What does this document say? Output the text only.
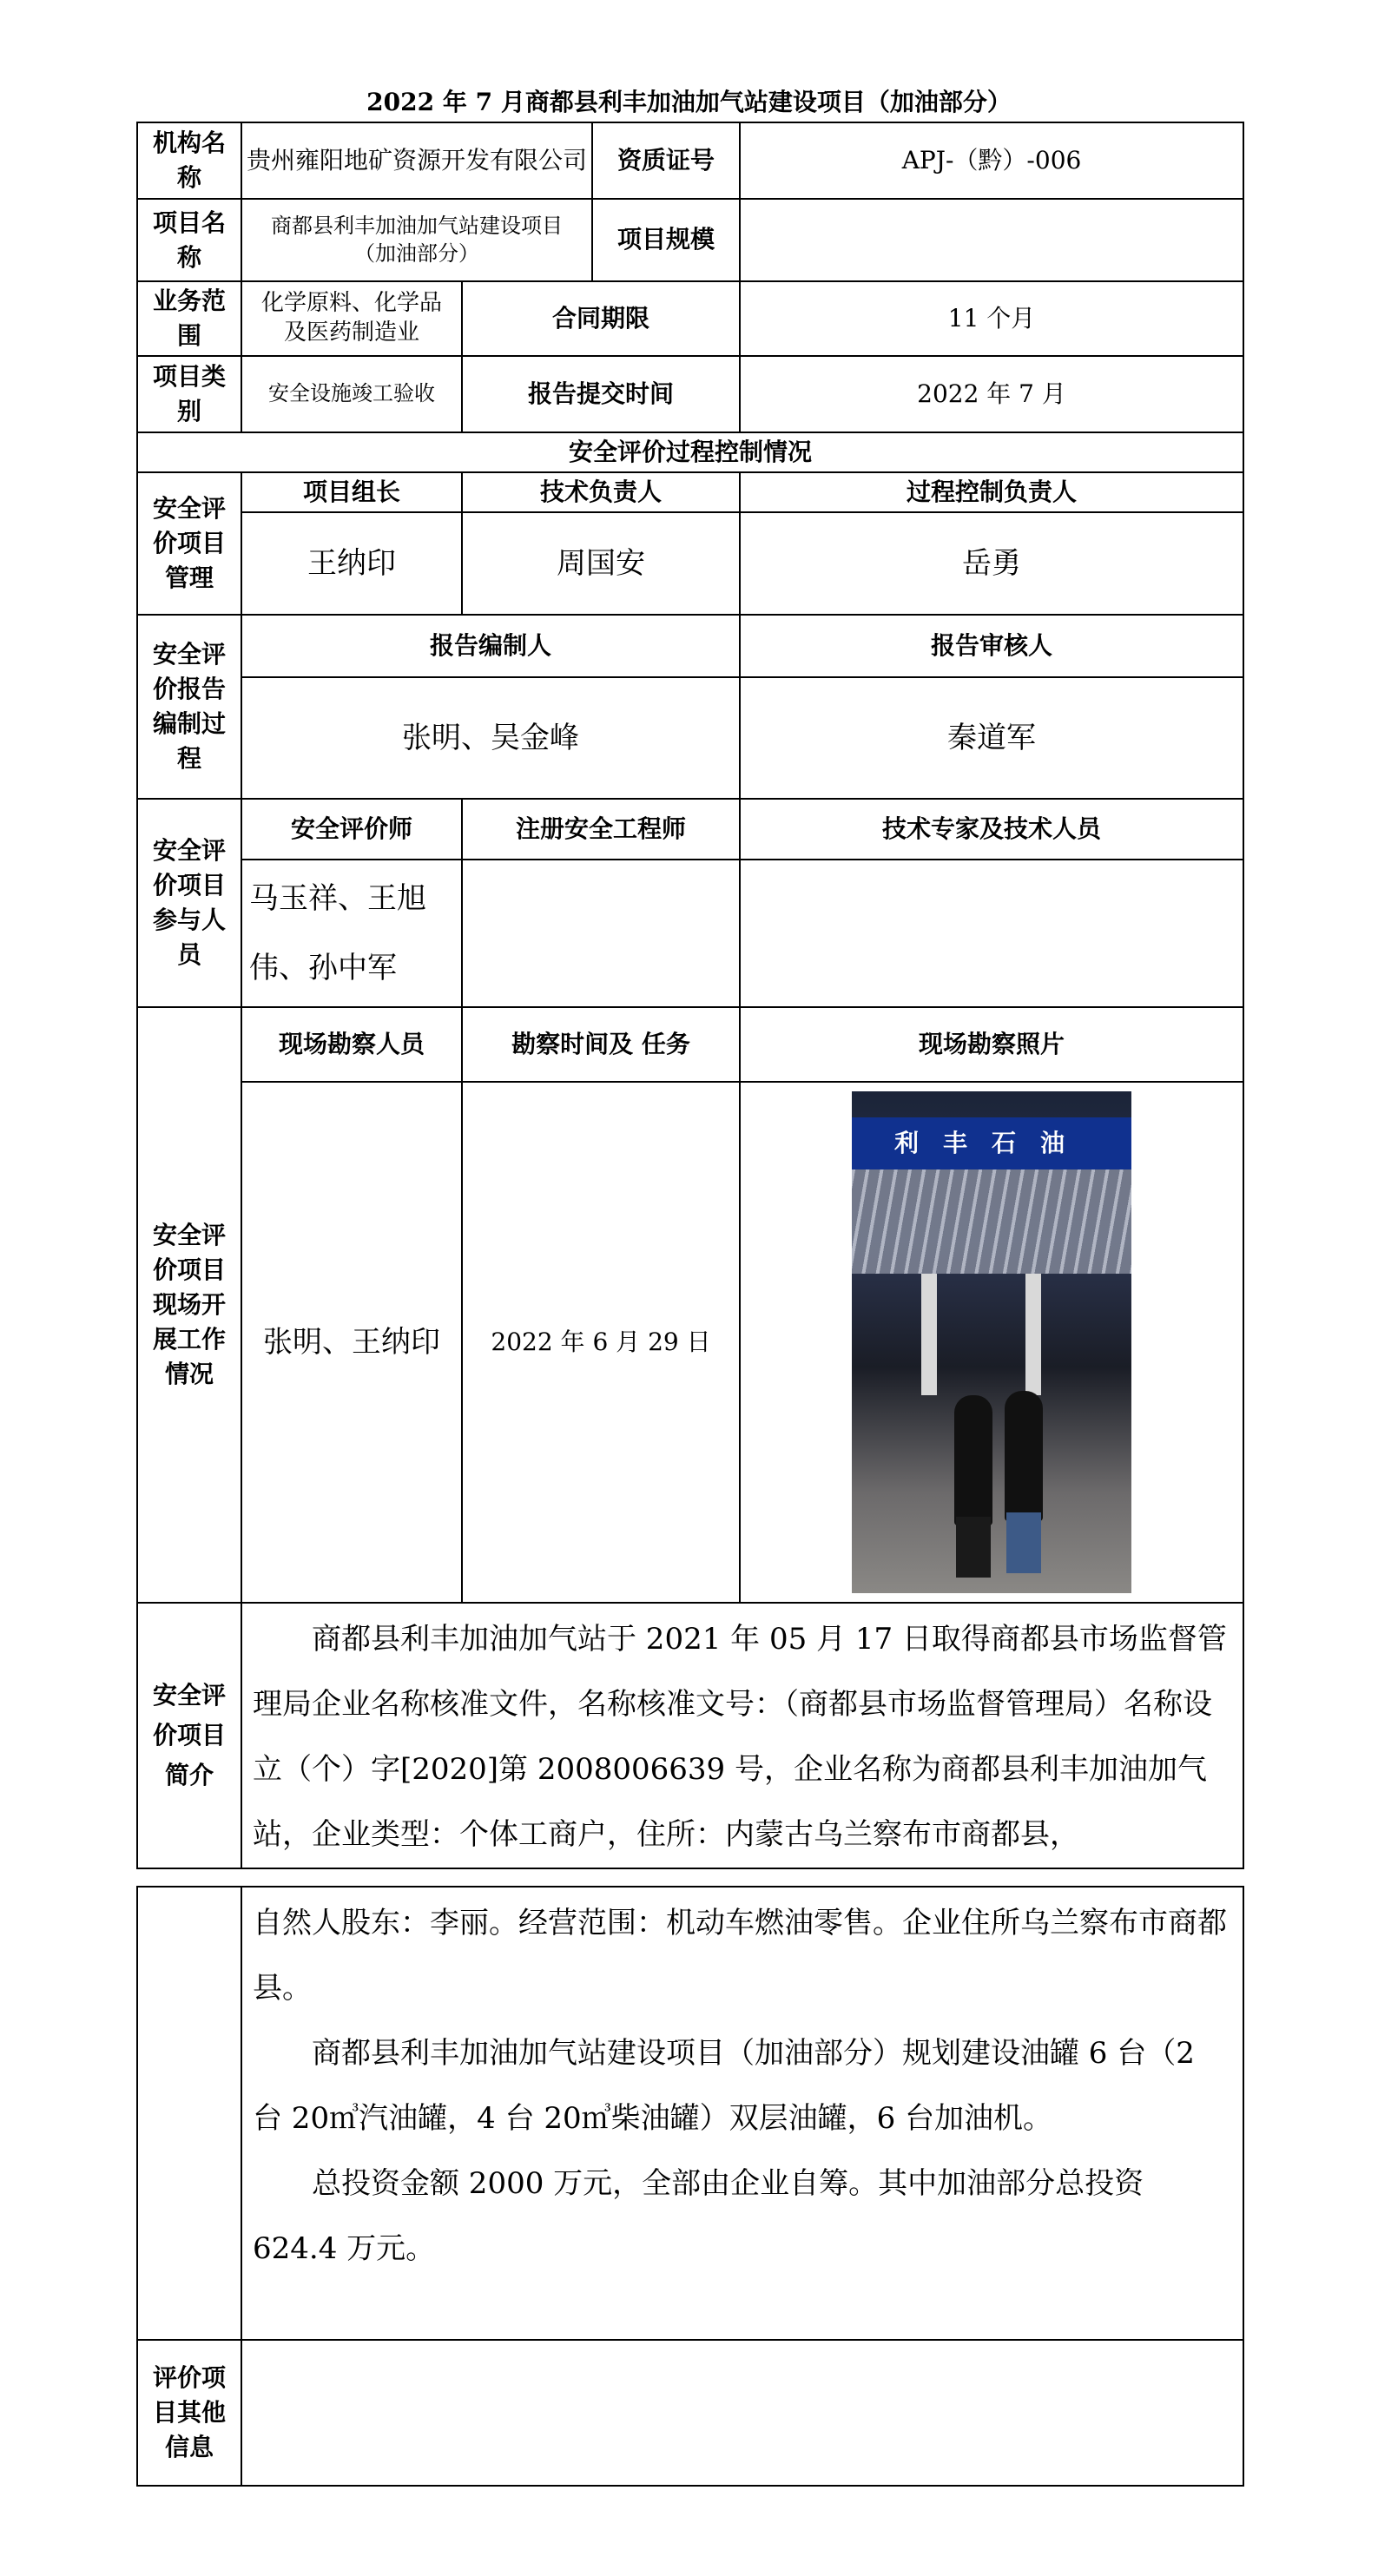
2022 年 7 月商都县利丰加油加气站建设项目（加油部分）
机构名称	贵州雍阳地矿资源开发有限公司		资质证号	APJ-（黔）-006
项目名称	商都县利丰加油加气站建设项目（加油部分）		项目规模	
业务范围	化学原料、化学品及医药制造业	合同期限		11 个月
项目类别	安全设施竣工验收	报告提交时间		2022 年 7 月
安全评价过程控制情况				
安全评价项目管理	项目组长	技术负责人		过程控制负责人
	王纳印	周国安		岳勇
安全评价报告编制过程	报告编制人			报告审核人
	张明、吴金峰			秦道军
安全评价项目参与人员	安全评价师	注册安全工程师		技术专家及技术人员
	马玉祥、王旭伟、孙中军			
安全评价项目现场开展工作情况	现场勘察人员	勘察时间及 任务		现场勘察照片
	张明、王纳印	2022 年 6 月 29 日		利丰石油

安全评价项目简介	商都县利丰加油加气站于 2021 年 05 月 17 日取得商都县市场监督管理局企业名称核准文件，名称核准文号：（商都县市场监督管理局）名称设立（个）字[2020]第 2008006639 号，企业名称为商都县利丰加油加气站，企业类型：个体工商户，住所：内蒙古乌兰察布市商都县，			

	自然人股东：李丽。经营范围：机动车燃油零售。企业住所乌兰察布市商都县。
商都县利丰加油加气站建设项目（加油部分）规划建设油罐 6 台（2 台 20㎥汽油罐，4 台 20㎥柴油罐）双层油罐，6 台加油机。
总投资金额 2000 万元，全部由企业自筹。其中加油部分总投资 624.4 万元。

评价项目其他信息	
